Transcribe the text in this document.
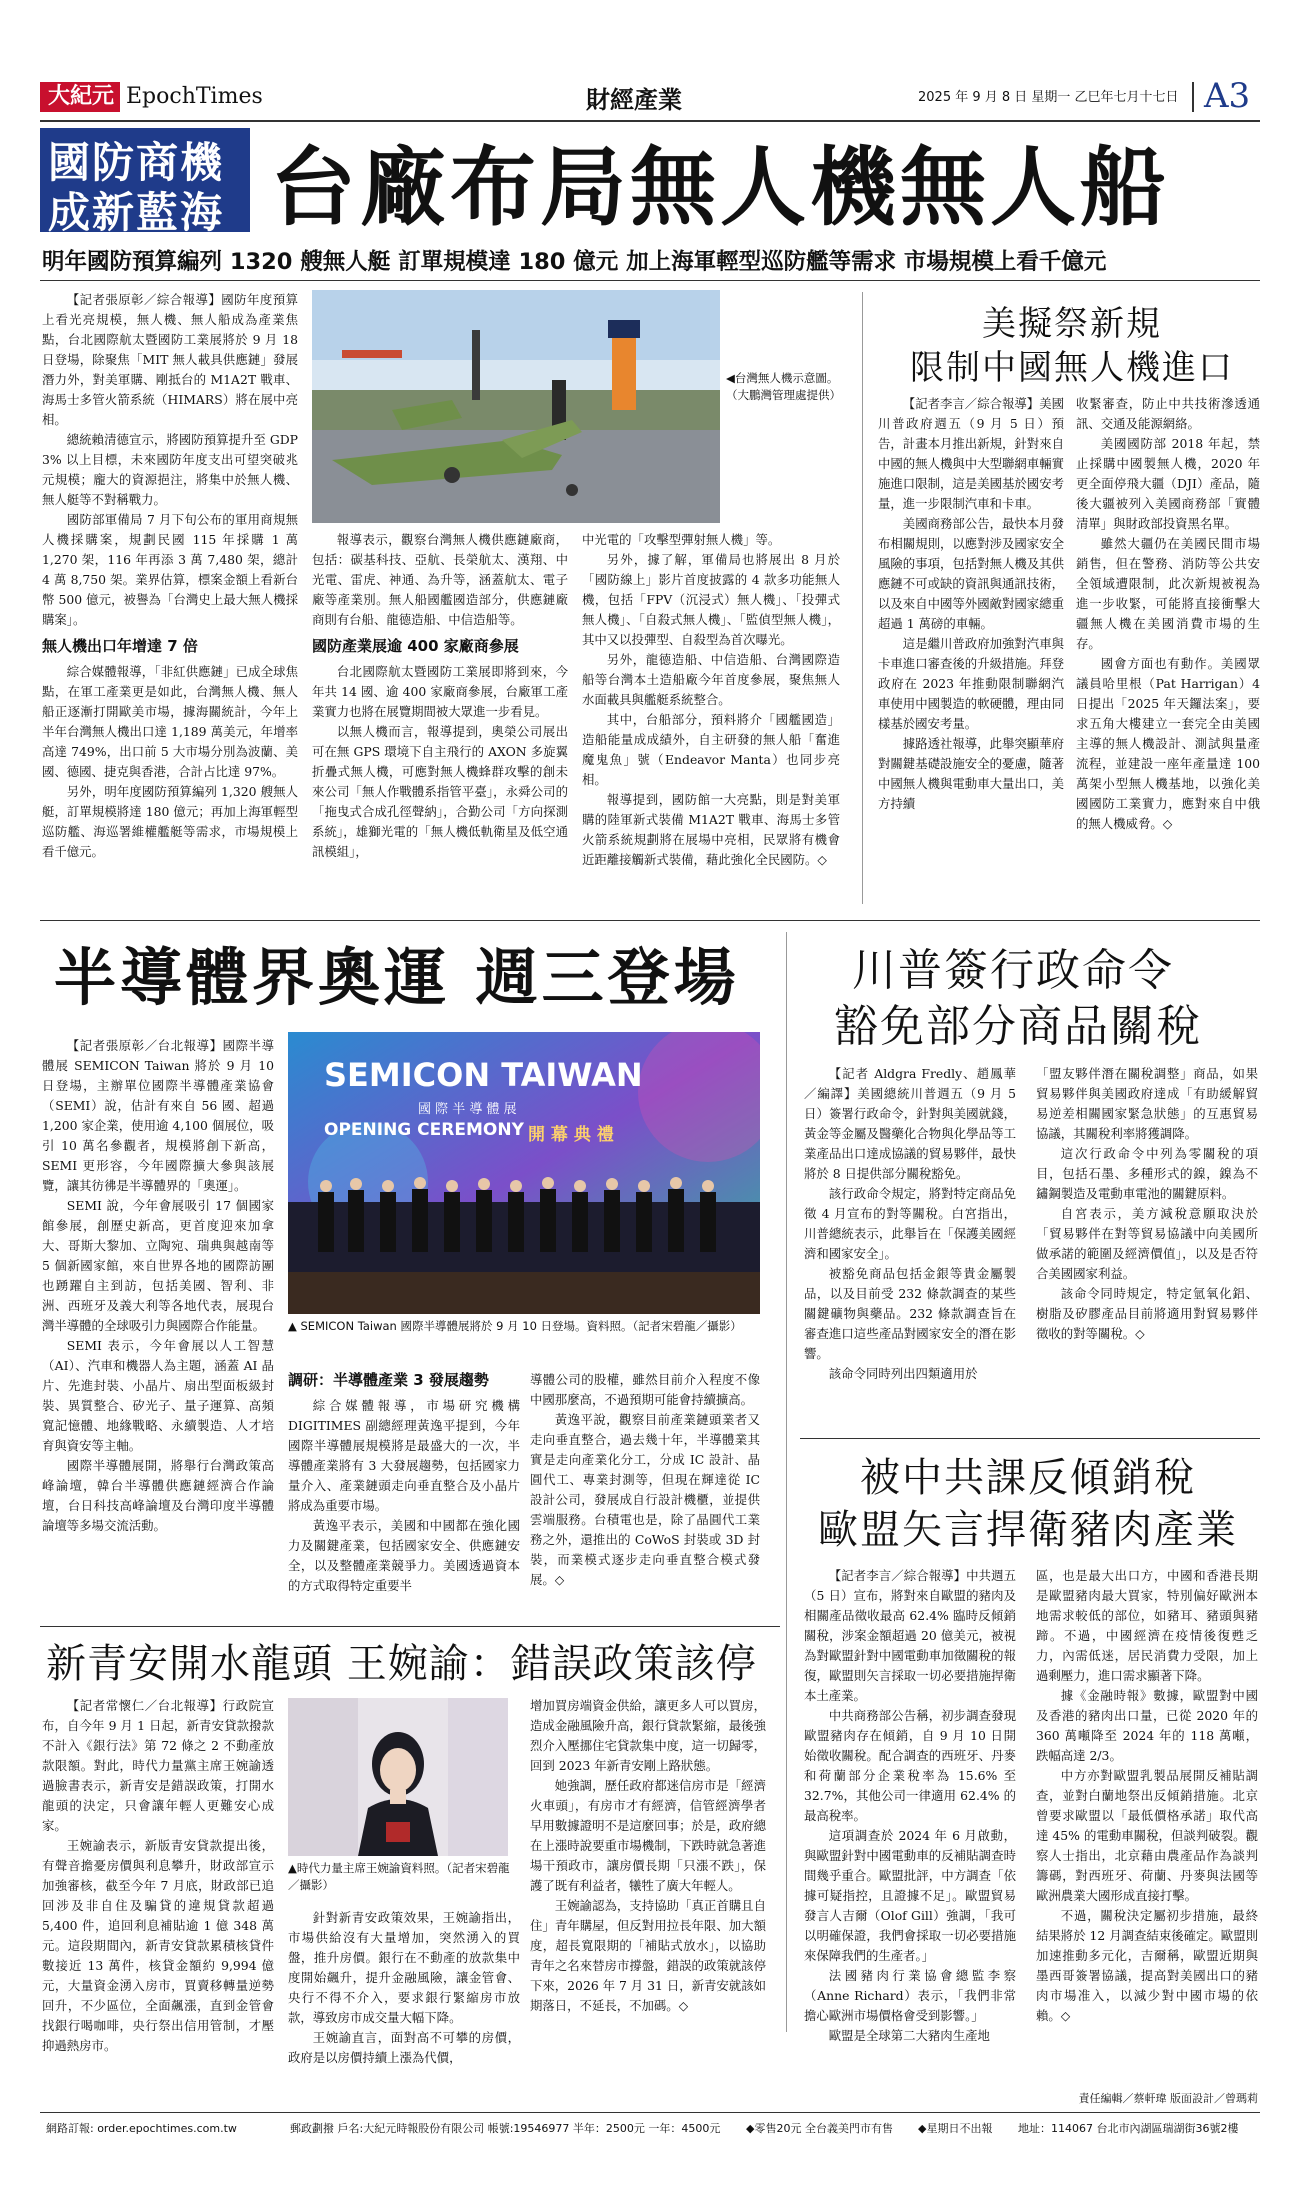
大紀元 EpochTimes	財經產業	2025 年 9 月 8 日 星期一 乙巳年七月十七日 A3
國防商機
成新藍海 台廠布局無人機無人船
明年國防預算編列 1320 艘無人艇 訂單規模達 180 億元 加上海軍輕型巡防艦等需求 市場規模上看千億元

【記者張原彰／綜合報導】國防年度預算上看光亮規模，無人機、無人船成為產業焦點，台北國際航太暨國防工業展將於 9 月 18 日登場，除聚焦「MIT 無人載具供應鏈」發展潛力外，對美軍購、剛抵台的 M1A2T 戰車、海馬士多管火箭系統（HIMARS）將在展中亮相。

總統賴清德宣示，將國防預算提升至 GDP 3% 以上目標，未來國防年度支出可望突破兆元規模；龐大的資源挹注，將集中於無人機、無人艇等不對稱戰力。

國防部軍備局 7 月下旬公布的軍用商規無人機採購案，規劃民國 115 年採購 1 萬 1,270 架，116 年再添 3 萬 7,480 架，總計 4 萬 8,750 架。業界估算，標案金額上看新台幣 500 億元，被譽為「台灣史上最大無人機採購案」。

無人機出口年增達 7 倍

綜合媒體報導，「非紅供應鏈」已成全球焦點，在軍工產業更是如此，台灣無人機、無人船正逐漸打開歐美市場，據海關統計，今年上半年台灣無人機出口達 1,189 萬美元，年增率高達 749%，出口前 5 大市場分別為波蘭、美國、德國、捷克與香港，合計占比達 97%。

另外，明年度國防預算編列 1,320 艘無人艇，訂單規模將達 180 億元；再加上海軍輕型巡防艦、海巡署維權艦艇等需求，市場規模上看千億元。

◀台灣無人機示意圖。（大鵬灣管理處提供）

報導表示，觀察台灣無人機供應鏈廠商，包括：碳基科技、亞航、長榮航太、漢翔、中光電、雷虎、神通、為升等，涵蓋航太、電子廠等產業別。無人船國艦國造部分，供應鏈廠商則有台船、龍德造船、中信造船等。

國防產業展逾 400 家廠商參展

台北國際航太暨國防工業展即將到來，今年共 14 國、逾 400 家廠商參展，台廠軍工產業實力也將在展覽期間被大眾進一步看見。

以無人機而言，報導提到，奧榮公司展出可在無 GPS 環境下自主飛行的 AXON 多旋翼折疊式無人機，可應對無人機蜂群攻擊的創未來公司「無人作戰體系指管平臺」，永舜公司的「拖曳式合成孔徑聲納」，合勤公司「方向探測系統」，雄獅光電的「無人機低軌衛星及低空通訊模組」，

中光電的「攻擊型彈射無人機」等。

另外，據了解，軍備局也將展出 8 月於「國防線上」影片首度披露的 4 款多功能無人機，包括「FPV（沉浸式）無人機」、「投彈式無人機」、「自殺式無人機」、「監偵型無人機」，其中又以投彈型、自殺型為首次曝光。

另外，龍德造船、中信造船、台灣國際造船等台灣本土造船廠今年首度參展，聚焦無人水面載具與艦艇系統整合。

其中，台船部分，預料將介「國艦國造」造船能量成成績外，自主研發的無人船「奮進魔鬼魚」號（Endeavor Manta）也同步亮相。

報導提到，國防館一大亮點，則是對美軍購的陸軍新式裝備 M1A2T 戰車、海馬士多管火箭系統規劃將在展場中亮相，民眾將有機會近距離接觸新式裝備，藉此強化全民國防。◇

美擬祭新規
限制中國無人機進口

【記者李言／綜合報導】美國川普政府週五（9 月 5 日）預告，計畫本月推出新規，針對來自中國的無人機與中大型聯網車輛實施進口限制，這是美國基於國安考量，進一步限制汽車和卡車。

美國商務部公告，最快本月發布相關規則，以應對涉及國家安全風險的事項，包括對無人機及其供應鏈不可或缺的資訊與通訊技術，以及來自中國等外國敵對國家總重超過 1 萬磅的車輛。

這是繼川普政府加強對汽車與卡車進口審查後的升級措施。拜登政府在 2023 年推動限制聯網汽車使用中國製造的軟硬體，理由同樣基於國安考量。

據路透社報導，此舉突顯華府對關鍵基礎設施安全的憂慮，隨著中國無人機與電動車大量出口，美方持續

收緊審查，防止中共技術滲透通訊、交通及能源網絡。

美國國防部 2018 年起，禁止採購中國製無人機，2020 年更全面停飛大疆（DJI）產品，隨後大疆被列入美國商務部「實體清單」與財政部投資黑名單。

雖然大疆仍在美國民間市場銷售，但在警務、消防等公共安全領域遭限制，此次新規被視為進一步收緊，可能將直接衝擊大疆無人機在美國消費市場的生存。

國會方面也有動作。美國眾議員哈里根（Pat Harrigan）4 日提出「2025 年天鑼法案」，要求五角大樓建立一套完全由美國主導的無人機設計、測試與量產流程，並建設一座年產量達 100 萬架小型無人機基地，以強化美國國防工業實力，應對來自中俄的無人機威脅。◇

半導體界奧運 週三登場

【記者張原彰／台北報導】國際半導體展 SEMICON Taiwan 將於 9 月 10 日登場，主辦單位國際半導體產業協會（SEMI）說，估計有來自 56 國、超過 1,200 家企業，使用逾 4,100 個展位，吸引 10 萬名參觀者，規模將創下新高，SEMI 更形容，今年國際擴大參與該展覽，讓其彷彿是半導體界的「奧運」。

SEMI 說，今年會展吸引 17 個國家館參展，創歷史新高，更首度迎來加拿大、哥斯大黎加、立陶宛、瑞典與越南等 5 個新國家館，來自世界各地的國際訪團也踴躍自主到訪，包括美國、智利、非洲、西班牙及義大利等各地代表，展現台灣半導體的全球吸引力與國際合作能量。

SEMI 表示，今年會展以人工智慧（AI）、汽車和機器人為主題，涵蓋 AI 晶片、先進封裝、小晶片、扇出型面板級封裝、異質整合、矽光子、量子運算、高頻寬記憶體、地緣戰略、永續製造、人才培育與資安等主軸。

國際半導體展開，將舉行台灣政策高峰論壇，韓台半導體供應鏈經濟合作論壇，台日科技高峰論壇及台灣印度半導體論壇等多場交流活動。

SEMICON TAIWAN
國 際 半 導 體 展
OPENING CEREMONY 開 幕 典 禮
▲ SEMICON Taiwan 國際半導體展將於 9 月 10 日登場。資料照。（記者宋碧龍／攝影）
調研：半導體產業 3 發展趨勢

綜合媒體報導，市場研究機構 DIGITIMES 副總經理黃逸平提到，今年國際半導體展規模將是最盛大的一次，半導體產業將有 3 大發展趨勢，包括國家力量介入、產業鏈頭走向垂直整合及小晶片將成為重要市場。

黃逸平表示，美國和中國都在強化國力及關鍵產業，包括國家安全、供應鏈安全，以及整體產業競爭力。美國透過資本的方式取得特定重要半

導體公司的股權，雖然目前介入程度不像中國那麼高，不過預期可能會持續擴高。

黃逸平說，觀察目前產業鏈頭業者又走向垂直整合，過去幾十年，半導體業其實是走向產業化分工，分成 IC 設計、晶圓代工、專業封測等，但現在輝達從 IC 設計公司，發展成自行設計機櫃，並提供雲端服務。台積電也是，除了晶圓代工業務之外，還推出的 CoWoS 封裝或 3D 封裝，而業模式逐步走向垂直整合模式發展。◇

川普簽行政命令
豁免部分商品關稅

【記者 Aldgra Fredly、趙鳳華／編譯】美國總統川普週五（9 月 5 日）簽署行政命令，針對與美國就錢，黃金等金屬及醫藥化合物與化學品等工業產品出口達成協議的貿易夥伴，最快將於 8 日提供部分關稅豁免。

該行政命令規定，將對特定商品免徵 4 月宣布的對等關稅。白宮指出，川普總統表示，此舉旨在「保護美國經濟和國家安全」。

被豁免商品包括金銀等貴金屬製品，以及目前受 232 條款調查的某些關鍵礦物與藥品。232 條款調查旨在審查進口這些產品對國家安全的潛在影響。

該命令同時列出四類適用於

「盟友夥伴潛在關稅調整」商品，如果貿易夥伴與美國政府達成「有助緩解貿易逆差相關國家緊急狀態」的互惠貿易協議，其關稅利率將獲調降。

這次行政命令中列為零關稅的項目，包括石墨、多種形式的鎳，鎳為不鏽鋼製造及電動車電池的關鍵原料。

自宮表示，美方減稅意願取決於「貿易夥伴在對等貿易協議中向美國所做承諾的範圍及經濟價值」，以及是否符合美國國家利益。

該命令同時規定，特定氫氧化鋁、樹脂及矽膠產品目前將適用對貿易夥伴徵收的對等關稅。◇

被中共課反傾銷稅
歐盟矢言捍衛豬肉產業

【記者李言／綜合報導】中共週五（5 日）宣布，將對來自歐盟的豬肉及相關產品徵收最高 62.4% 臨時反傾銷關稅，涉案金額超過 20 億美元，被視為對歐盟針對中國電動車加徵關稅的報復，歐盟則矢言採取一切必要措施捍衛本土產業。

中共商務部公告稱，初步調查發現歐盟豬肉存在傾銷，自 9 月 10 日開始徵收關稅。配合調查的西班牙、丹麥和荷蘭部分企業稅率為 15.6% 至 32.7%，其他公司一律適用 62.4% 的最高稅率。

這項調查於 2024 年 6 月啟動，與歐盟針對中國電動車的反補貼調查時間幾乎重合。歐盟批評，中方調查「依據可疑指控，且證據不足」。歐盟貿易發言人吉爾（Olof Gill）強調，「我可以明確保證，我們會採取一切必要措施來保障我們的生產者。」

法國豬肉行業協會總監李察（Anne Richard）表示，「我們非常擔心歐洲市場價格會受到影響。」

歐盟是全球第二大豬肉生產地

區，也是最大出口方，中國和香港長期是歐盟豬肉最大買家，特別偏好歐洲本地需求較低的部位，如豬耳、豬頭與豬蹄。不過，中國經濟在疫情後復甦乏力，內需低迷，居民消費力受限，加上過剩壓力，進口需求顯著下降。

據《金融時報》數據，歐盟對中國及香港的豬肉出口量，已從 2020 年的 360 萬噸降至 2024 年的 118 萬噸，跌幅高達 2/3。

中方亦對歐盟乳製品展開反補貼調查，並對白蘭地祭出反傾銷措施。北京曾要求歐盟以「最低價格承諾」取代高達 45% 的電動車關稅，但談判破裂。觀察人士指出，北京藉由農產品作為談判籌碼，對西班牙、荷蘭、丹麥與法國等歐洲農業大國形成直接打擊。

不過，關稅決定屬初步措施，最終結果將於 12 月調查結束後確定。歐盟則加速推動多元化，吉爾稱，歐盟近期與墨西哥簽署協議，提高對美國出口的豬肉市場准入，以減少對中國市場的依賴。◇

責任編輯／蔡軒瑋 版面設計／曾瑪莉
新青安開水龍頭 王婉諭：錯誤政策該停

【記者常懷仁／台北報導】行政院宣布，自今年 9 月 1 日起，新青安貸款撥款不計入《銀行法》第 72 條之 2 不動產放款限額。對此，時代力量黨主席王婉諭透過臉書表示，新青安是錯誤政策，打開水龍頭的決定，只會讓年輕人更難安心成家。

王婉諭表示，新版青安貸款提出後，有聲音擔憂房價與利息攀升，財政部宣示加強審核，截至今年 7 月底，財政部已追回涉及非自住及騙貸的違規貸款超過 5,400 件，追回利息補貼逾 1 億 348 萬元。這段期間內，新青安貸款累積核貸件數接近 13 萬件，核貸金額約 9,994 億元，大量資金湧入房市，買賣移轉量逆勢回升，不少區位，全面飆漲，直到金管會找銀行喝咖啡，央行祭出信用管制，才壓抑過熱房市。

▲時代力量主席王婉諭資料照。（記者宋碧龍／攝影）

針對新青安政策效果，王婉諭指出，市場供給沒有大量增加，突然湧入的買盤，推升房價。銀行在不動產的放款集中度開始飆升，提升金融風險，讓金管會、央行不得不介入，要求銀行緊縮房市放款，導致房市成交量大幅下降。

王婉諭直言，面對高不可攀的房價，政府是以房價持續上漲為代價，

增加買房端資金供給，讓更多人可以買房，造成金融風險升高，銀行貸款緊縮，最後強烈介入壓挪住宅貸款集中度，這一切歸零，回到 2023 年新青安剛上路狀態。

她強調，歷任政府都迷信房市是「經濟火車頭」，有房市才有經濟，信管經濟學者早用數據證明不是這麼回事；於是，政府總在上漲時說要重市場機制，下跌時就急著進場干預政市，讓房價長期「只漲不跌」，保護了既有利益者，犧牲了廣大年輕人。

王婉諭認為，支持協助「真正首購且自住」青年購屋，但反對用拉長年限、加大額度，超長寬限期的「補貼式放水」，以協助青年之名來替房市撐盤，錯誤的政策就該停下來，2026 年 7 月 31 日，新青安就該如期落日，不延長，不加碼。◇

網路訂報: order.epochtimes.com.tw	郵政劃撥 戶名:大紀元時報股份有限公司 帳號:19546977 半年：2500元 一年：4500元 ◆零售20元 全台義美門市有售 ◆星期日不出報 地址：114067 台北市內湖區瑞湖街36號2樓
